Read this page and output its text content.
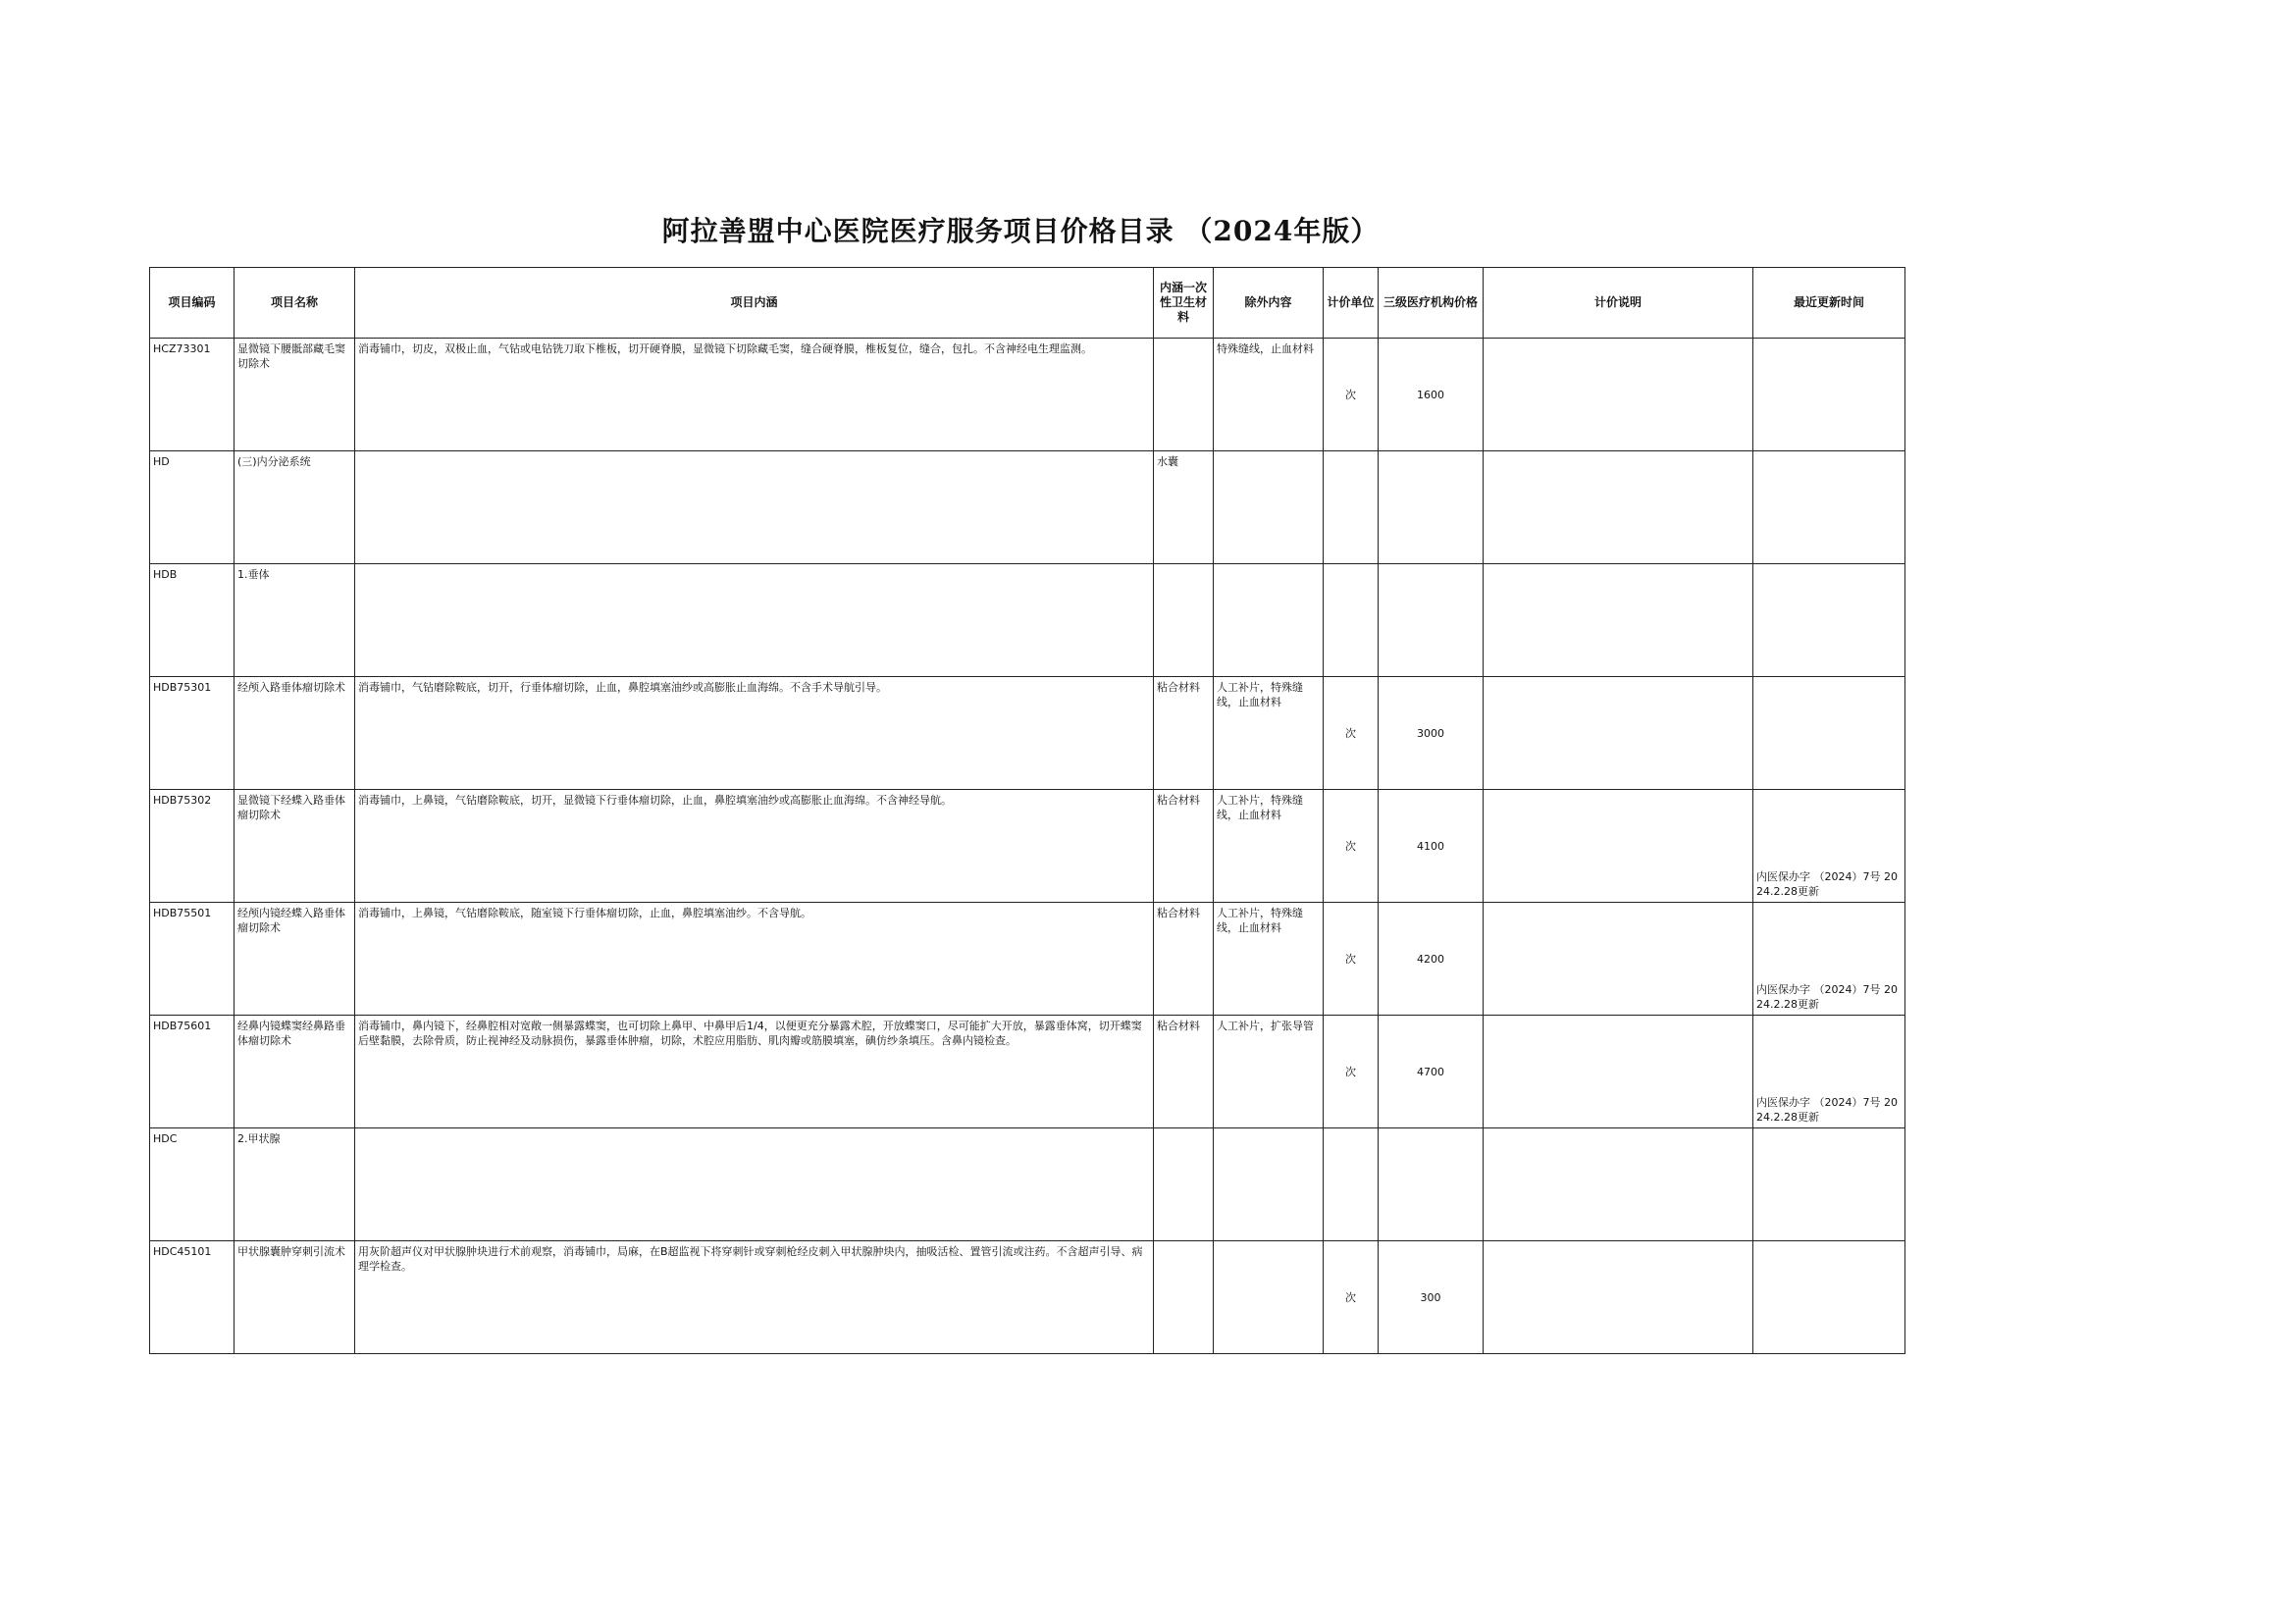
阿拉善盟中心医院医疗服务项目价格目录 （2024年版）
项目编码	项目名称	项目内涵	内涵一次性卫生材料	除外内容	计价单位	三级医疗机构价格	计价说明	最近更新时间
HCZ73301	显微镜下腰骶部藏毛窦切除术	消毒铺巾，切皮，双极止血，气钻或电钻铣刀取下椎板，切开硬脊膜，显微镜下切除藏毛窦，缝合硬脊膜，椎板复位，缝合，包扎。不含神经电生理监测。		特殊缝线，止血材料	次	1600		
HD	(三)内分泌系统		水囊					
HDB	1.垂体							
HDB75301	经颅入路垂体瘤切除术	消毒铺巾，气钻磨除鞍底，切开，行垂体瘤切除，止血，鼻腔填塞油纱或高膨胀止血海绵。不含手术导航引导。	粘合材料	人工补片，特殊缝线，止血材料	次	3000		
HDB75302	显微镜下经蝶入路垂体瘤切除术	消毒铺巾，上鼻镜，气钻磨除鞍底，切开，显微镜下行垂体瘤切除，止血，鼻腔填塞油纱或高膨胀止血海绵。不含神经导航。	粘合材料	人工补片，特殊缝线，止血材料	次	4100		内医保办字 （2024）7号 2024.2.28更新
HDB75501	经颅内镜经蝶入路垂体瘤切除术	消毒铺巾，上鼻镜，气钻磨除鞍底，随室镜下行垂体瘤切除，止血，鼻腔填塞油纱。不含导航。	粘合材料	人工补片，特殊缝线，止血材料	次	4200		内医保办字 （2024）7号 2024.2.28更新
HDB75601	经鼻内镜蝶窦经鼻路垂体瘤切除术	消毒铺巾，鼻内镜下，经鼻腔相对宽敞一侧暴露蝶窦，也可切除上鼻甲、中鼻甲后1/4，以便更充分暴露术腔，开放蝶窦口，尽可能扩大开放，暴露垂体窝，切开蝶窦后壁黏膜，去除骨质，防止视神经及动脉损伤，暴露垂体肿瘤，切除，术腔应用脂肪、肌肉瓣或筋膜填塞，碘仿纱条填压。含鼻内镜检查。	粘合材料	人工补片，扩张导管	次	4700		内医保办字 （2024）7号 2024.2.28更新
HDC	2.甲状腺							
HDC45101	甲状腺囊肿穿刺引流术	用灰阶超声仪对甲状腺肿块进行术前观察，消毒铺巾，局麻，在B超监视下将穿刺针或穿刺枪经皮刺入甲状腺肿块内，抽吸活检、置管引流或注药。不含超声引导、病理学检查。			次	300		
